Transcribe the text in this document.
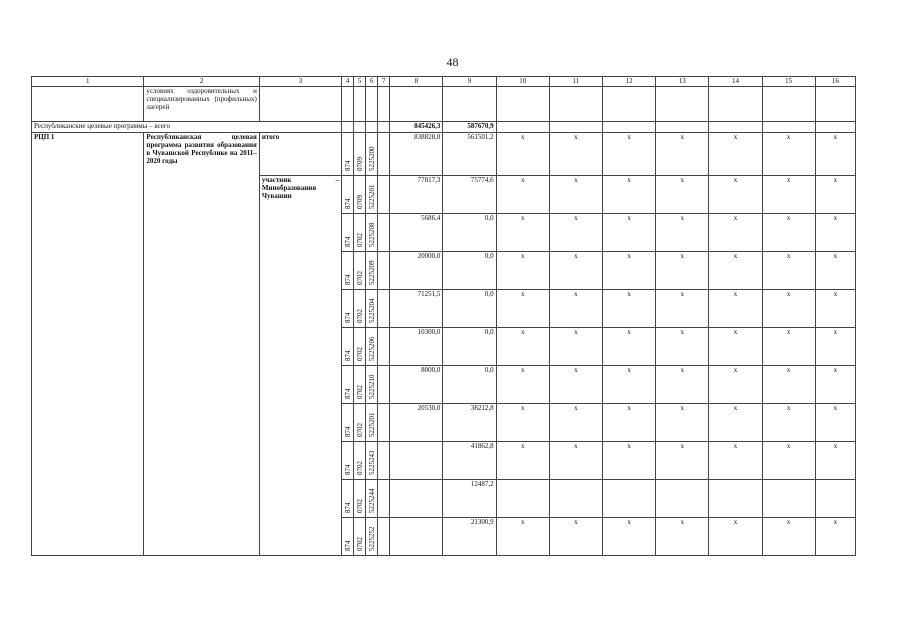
48
1	2	3	4	5	6	7	8	9	10	11	12	13	14	15	16
	условиях оздоровительных и специализированных (профильных) лагерей														
Республиканские целевые программы – всего							845426,3	587670,9							
РЦП 1	Республиканская целевая программа развития образования в Чувашской Республике на 2011–2020 годы	итого	874	0709	5225200		838828,0	561501,2	x	x	x	x	x	x	x
		участник – Минобразования Чувашии	874	0709	5225201		77817,3	75774,6	x	x	x	x	x	x	x

			874	0702	5225208		5686,4	0,0	x	x	x	x	x	x	x

			874	0702	5225209		20000,0	0,0	x	x	x	x	x	x	x

			874	0702	5225204		71251,5	0,0	x	x	x	x	x	x	x

			874	0702	5225206		10300,0	0,0	x	x	x	x	x	x	x

			874	0702	5225210		8000,0	0,0	x	x	x	x	x	x	x

			874	0702	5225201		20530,0	38212,8	x	x	x	x	x	x	x

			874	0702	5225243			41862,8	x	x	x	x	x	x	x

			874	0702	5225244			12487,2							

			874	0702	5225252			21300,9	x	x	x	x	x	x	x
